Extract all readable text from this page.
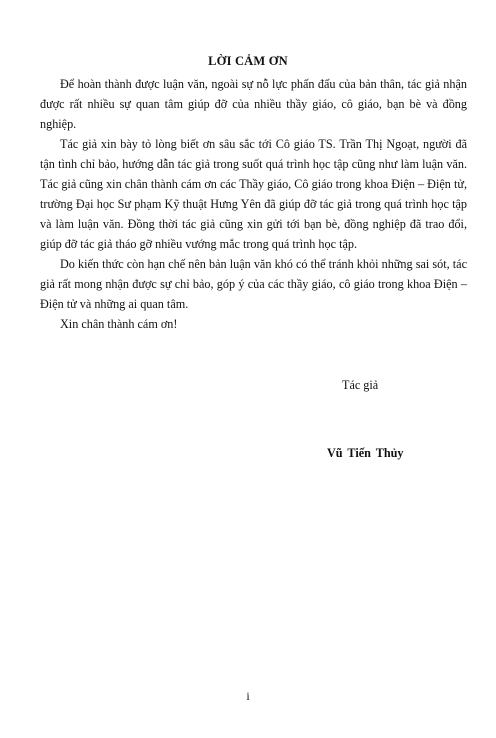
LỜI CẢM ƠN

Để hoàn thành được luận văn, ngoài sự nỗ lực phấn đấu của bản thân, tác giả nhận được rất nhiều sự quan tâm giúp đỡ của nhiều thầy giáo, cô giáo, bạn bè và đồng nghiệp.

Tác giả xin bày tỏ lòng biết ơn sâu sắc tới Cô giáo TS. Trần Thị Ngoạt, người đã tận tình chỉ bảo, hướng dẫn tác giả trong suốt quá trình học tập cũng như làm luận văn. Tác giả cũng xin chân thành cám ơn các Thầy giáo, Cô giáo trong khoa Điện – Điện tử, trường Đại học Sư phạm Kỹ thuật Hưng Yên đã giúp đỡ tác giả trong quá trình học tập và làm luận văn. Đồng thời tác giả cũng xin gửi tới bạn bè, đồng nghiệp đã trao đổi, giúp đỡ tác giả tháo gỡ nhiều vướng mắc trong quá trình học tập.

Do kiến thức còn hạn chế nên bản luận văn khó có thể tránh khỏi những sai sót, tác giả rất mong nhận được sự chỉ bảo, góp ý của các thầy giáo, cô giáo trong khoa Điện – Điện tử và những ai quan tâm.

Xin chân thành cám ơn!

Tác giả
Vũ Tiến Thủy
i
